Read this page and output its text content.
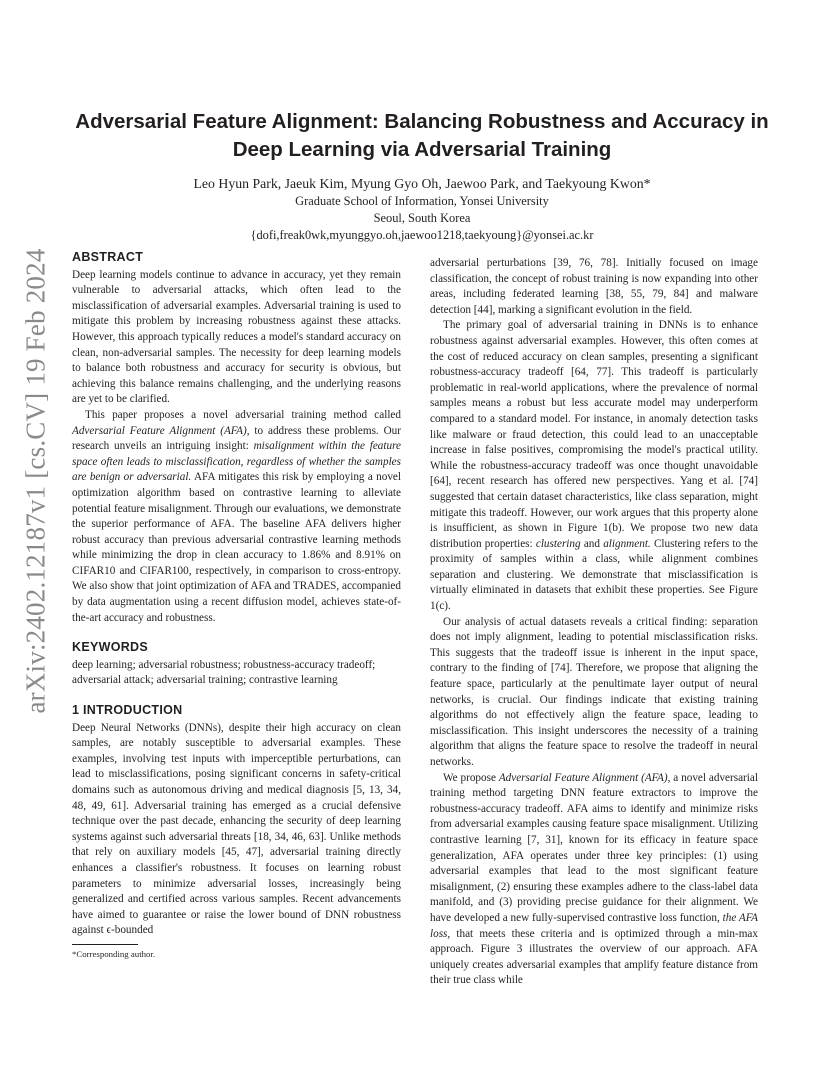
arXiv:2402.12187v1 [cs.CV] 19 Feb 2024
Adversarial Feature Alignment: Balancing Robustness and Accuracy in Deep Learning via Adversarial Training
Leo Hyun Park, Jaeuk Kim, Myung Gyo Oh, Jaewoo Park, and Taekyoung Kwon*
Graduate School of Information, Yonsei University
Seoul, South Korea
{dofi,freak0wk,myunggyo.oh,jaewoo1218,taekyoung}@yonsei.ac.kr
ABSTRACT

Deep learning models continue to advance in accuracy, yet they remain vulnerable to adversarial attacks, which often lead to the misclassification of adversarial examples. Adversarial training is used to mitigate this problem by increasing robustness against these attacks. However, this approach typically reduces a model's standard accuracy on clean, non-adversarial samples. The necessity for deep learning models to balance both robustness and accuracy for security is obvious, but achieving this balance remains challenging, and the underlying reasons are yet to be clarified.

This paper proposes a novel adversarial training method called Adversarial Feature Alignment (AFA), to address these problems. Our research unveils an intriguing insight: misalignment within the feature space often leads to misclassification, regardless of whether the samples are benign or adversarial. AFA mitigates this risk by employing a novel optimization algorithm based on contrastive learning to alleviate potential feature misalignment. Through our evaluations, we demonstrate the superior performance of AFA. The baseline AFA delivers higher robust accuracy than previous adversarial contrastive learning methods while minimizing the drop in clean accuracy to 1.86% and 8.91% on CIFAR10 and CIFAR100, respectively, in comparison to cross-entropy. We also show that joint optimization of AFA and TRADES, accompanied by data augmentation using a recent diffusion model, achieves state-of-the-art accuracy and robustness.

KEYWORDS

deep learning; adversarial robustness; robustness-accuracy tradeoff; adversarial attack; adversarial training; contrastive learning

1 INTRODUCTION

Deep Neural Networks (DNNs), despite their high accuracy on clean samples, are notably susceptible to adversarial examples. These examples, involving test inputs with imperceptible perturbations, can lead to misclassifications, posing significant concerns in safety-critical domains such as autonomous driving and medical diagnosis [5, 13, 34, 48, 49, 61]. Adversarial training has emerged as a crucial defensive technique over the past decade, enhancing the security of deep learning systems against such adversarial threats [18, 34, 46, 63]. Unlike methods that rely on auxiliary models [45, 47], adversarial training directly enhances a classifier's robustness. It focuses on learning robust parameters to minimize adversarial losses, increasingly being generalized and certified across various samples. Recent advancements have aimed to guarantee or raise the lower bound of DNN robustness against ϵ-bounded

adversarial perturbations [39, 76, 78]. Initially focused on image classification, the concept of robust training is now expanding into other areas, including federated learning [38, 55, 79, 84] and malware detection [44], marking a significant evolution in the field.

The primary goal of adversarial training in DNNs is to enhance robustness against adversarial examples. However, this often comes at the cost of reduced accuracy on clean samples, presenting a significant robustness-accuracy tradeoff [64, 77]. This tradeoff is particularly problematic in real-world applications, where the prevalence of normal samples means a robust but less accurate model may underperform compared to a standard model. For instance, in anomaly detection tasks like malware or fraud detection, this could lead to an unacceptable increase in false positives, compromising the model's practical utility. While the robustness-accuracy tradeoff was once thought unavoidable [64], recent research has offered new perspectives. Yang et al. [74] suggested that certain dataset characteristics, like class separation, might mitigate this tradeoff. However, our work argues that this property alone is insufficient, as shown in Figure 1(b). We propose two new data distribution properties: clustering and alignment. Clustering refers to the proximity of samples within a class, while alignment combines separation and clustering. We demonstrate that misclassification is virtually eliminated in datasets that exhibit these properties. See Figure 1(c).

Our analysis of actual datasets reveals a critical finding: separation does not imply alignment, leading to potential misclassification risks. This suggests that the tradeoff issue is inherent in the input space, contrary to the finding of [74]. Therefore, we propose that aligning the feature space, particularly at the penultimate layer output of neural networks, is crucial. Our findings indicate that existing training algorithms do not effectively align the feature space, leading to misclassification. This insight underscores the necessity of a training algorithm that aligns the feature space to resolve the tradeoff in neural networks.

We propose Adversarial Feature Alignment (AFA), a novel adversarial training method targeting DNN feature extractors to improve the robustness-accuracy tradeoff. AFA aims to identify and minimize risks from adversarial examples causing feature space misalignment. Utilizing contrastive learning [7, 31], known for its efficacy in feature space generalization, AFA operates under three key principles: (1) using adversarial examples that lead to the most significant feature misalignment, (2) ensuring these examples adhere to the class-label data manifold, and (3) providing precise guidance for their alignment. We have developed a new fully-supervised contrastive loss function, the AFA loss, that meets these criteria and is optimized through a min-max approach. Figure 3 illustrates the overview of our approach. AFA uniquely creates adversarial examples that amplify feature distance from their true class while

*Corresponding author.
